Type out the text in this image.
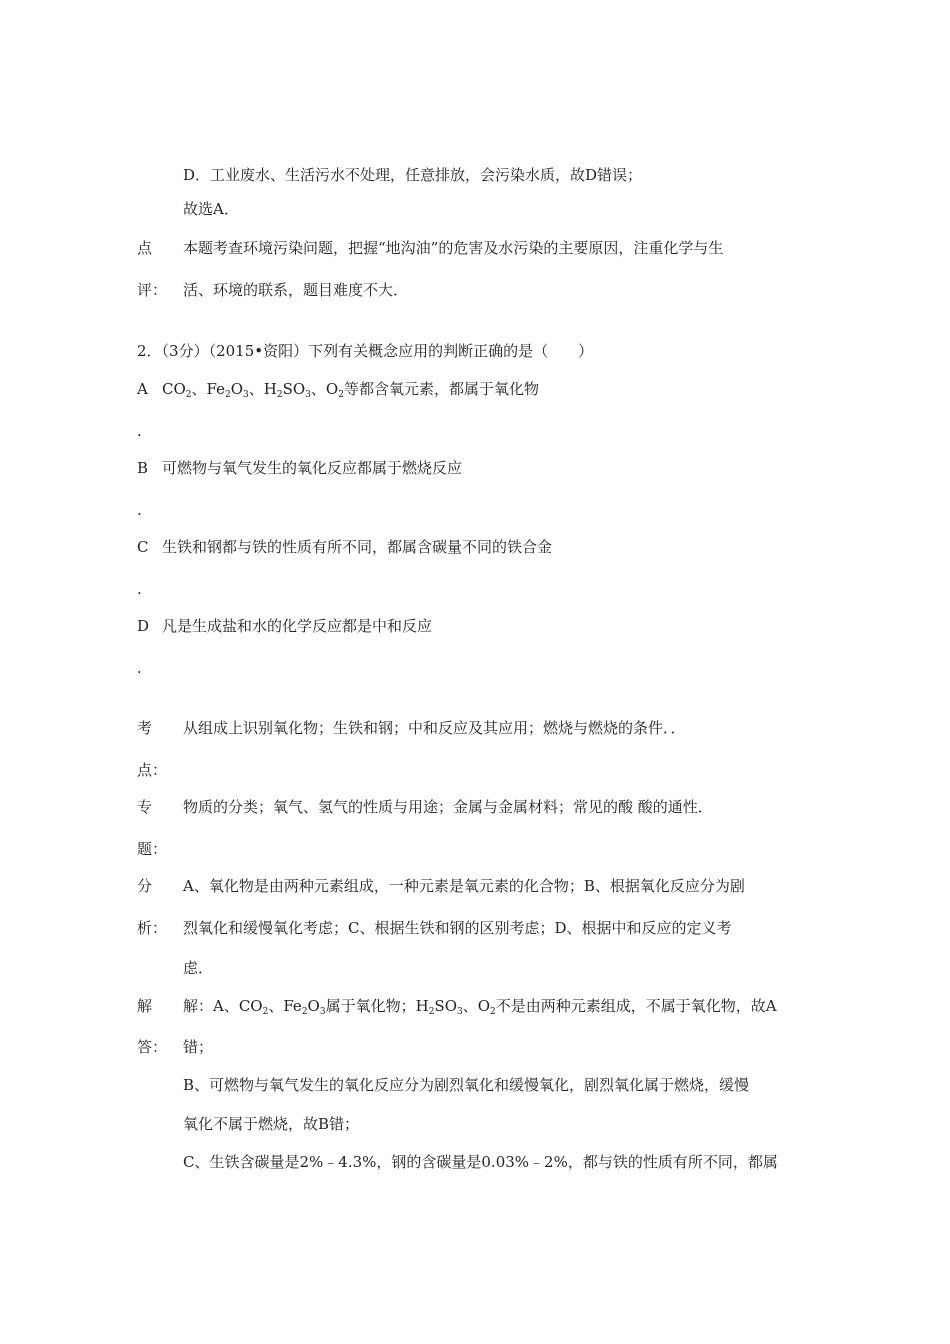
D．工业废水、生活污水不处理，任意排放，会污染水质，故D错误；
故选A．
点 本题考查环境污染问题，把握“地沟油”的危害及水污染的主要原因，注重化学与生
评： 活、环境的联系，题目难度不大．
2．（3分）（2015•资阳）下列有关概念应用的判断正确的是（　　）
A $CO_2$、$Fe_2O_3$、$H_2SO_3$、$O_2$等都含氧元素，都属于氧化物
.
B 可燃物与氧气发生的氧化反应都属于燃烧反应
.
C 生铁和钢都与铁的性质有所不同，都属含碳量不同的铁合金
.
D 凡是生成盐和水的化学反应都是中和反应
.
考 从组成上识别氧化物；生铁和钢；中和反应及其应用；燃烧与燃烧的条件．．
点：
专 物质的分类；氧气、氢气的性质与用途；金属与金属材料；常见的酸 酸的通性．
题：
分 A、氧化物是由两种元素组成，一种元素是氧元素的化合物；B、根据氧化反应分为剧
析： 烈氧化和缓慢氧化考虑；C、根据生铁和钢的区别考虑；D、根据中和反应的定义考
虑．
解 解：A、$CO_2$、$Fe_2O_3$属于氧化物；$H_2SO_3$、$O_2$不是由两种元素组成，不属于氧化物，故A
答： 错；
B、可燃物与氧气发生的氧化反应分为剧烈氧化和缓慢氧化，剧烈氧化属于燃烧，缓慢
氧化不属于燃烧，故B错；
C、生铁含碳量是2%﹣4.3%，钢的含碳量是0.03%﹣2%，都与铁的性质有所不同，都属
